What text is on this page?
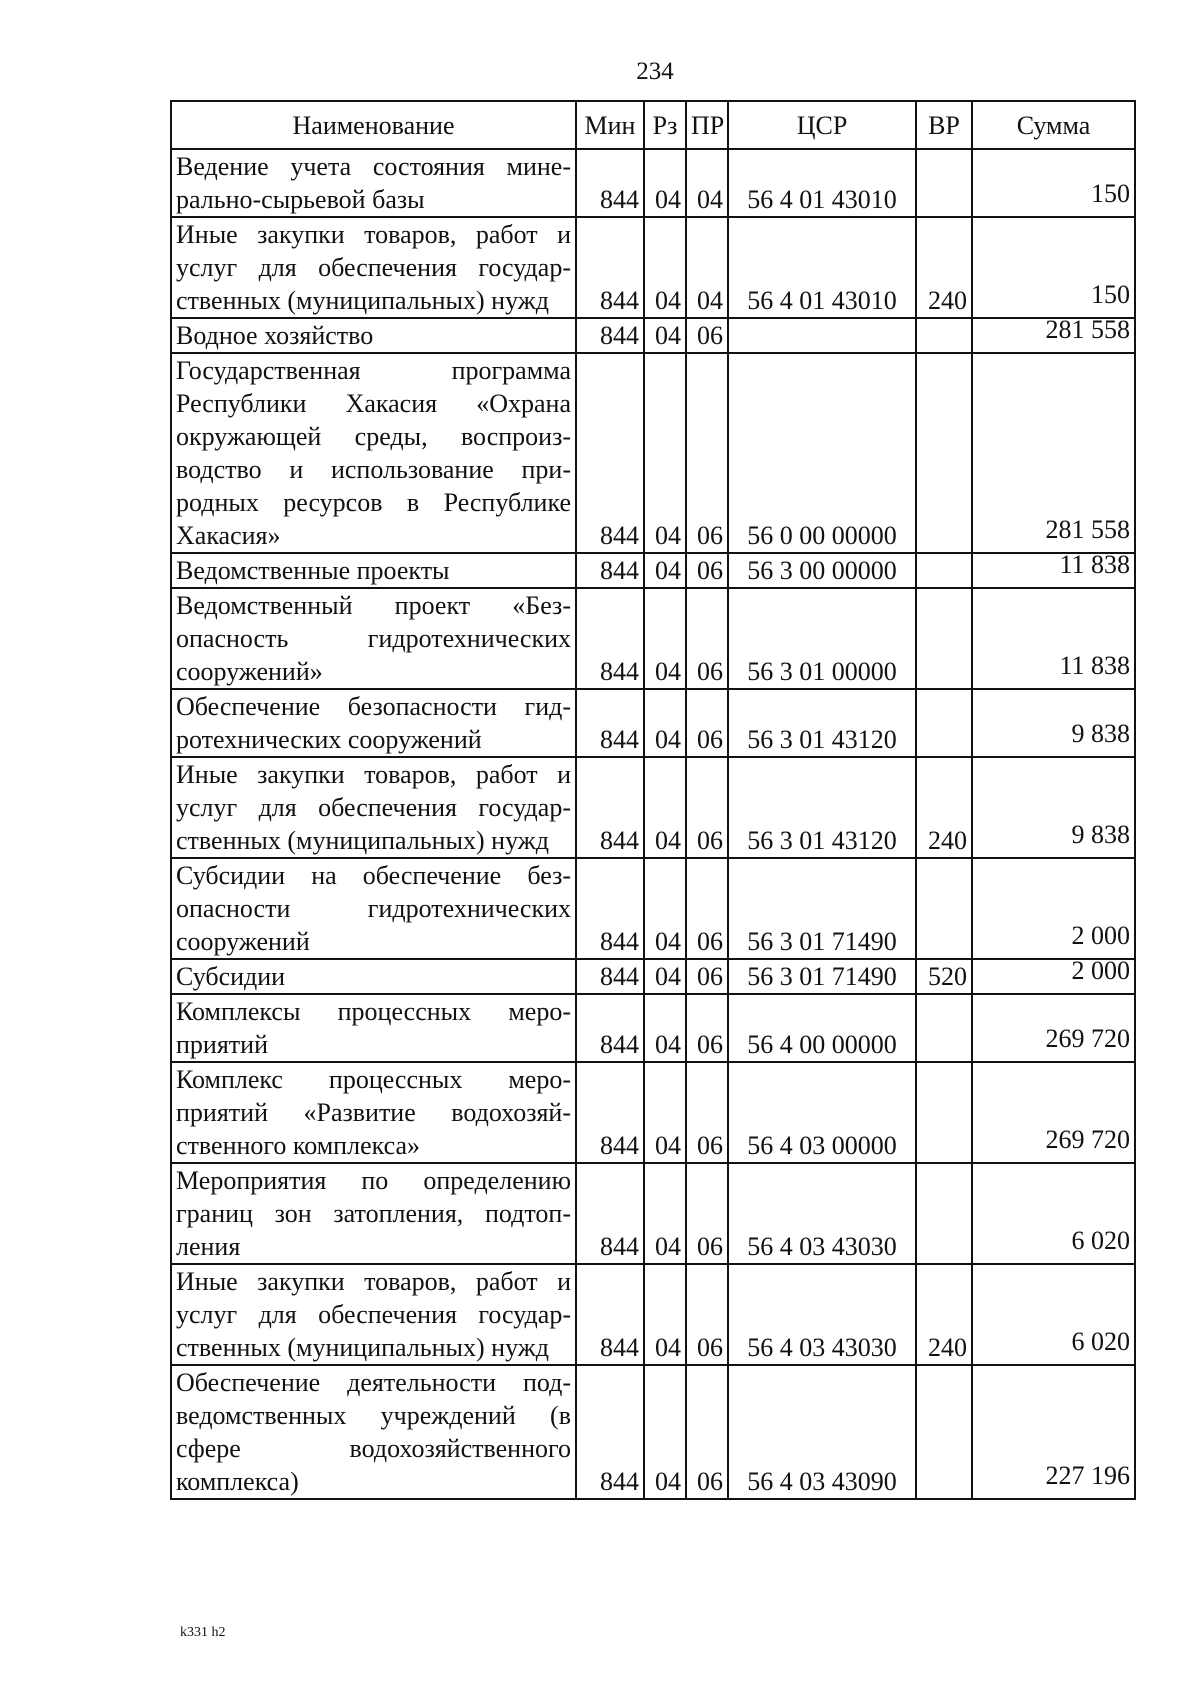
234
Наименование	Мин	Рз	ПР	ЦСР	ВР	Сумма
Ведение учета состояния мине-рально-сырьевой базы	844	04	04	56 4 01 43010		150
Иные закупки товаров, работ и услуг для обеспечения государ-ственных (муниципальных) нужд	844	04	04	56 4 01 43010	240	150
Водное хозяйство	844	04	06			281 558
Государственная программа Республики Хакасия «Охрана окружающей среды, воспроиз-водство и использование при-родных ресурсов в Республике Хакасия»	844	04	06	56 0 00 00000		281 558
Ведомственные проекты	844	04	06	56 3 00 00000		11 838
Ведомственный проект «Без-опасность гидротехнических сооружений»	844	04	06	56 3 01 00000		11 838
Обеспечение безопасности гид-ротехнических сооружений	844	04	06	56 3 01 43120		9 838
Иные закупки товаров, работ и услуг для обеспечения государ-ственных (муниципальных) нужд	844	04	06	56 3 01 43120	240	9 838
Субсидии на обеспечение без-опасности гидротехнических сооружений	844	04	06	56 3 01 71490		2 000
Субсидии	844	04	06	56 3 01 71490	520	2 000
Комплексы процессных меро-приятий	844	04	06	56 4 00 00000		269 720
Комплекс процессных меро-приятий «Развитие водохозяй-ственного комплекса»	844	04	06	56 4 03 00000		269 720
Мероприятия по определению границ зон затопления, подтоп-ления	844	04	06	56 4 03 43030		6 020
Иные закупки товаров, работ и услуг для обеспечения государ-ственных (муниципальных) нужд	844	04	06	56 4 03 43030	240	6 020
Обеспечение деятельности под-ведомственных учреждений (в сфере водохозяйственного комплекса)	844	04	06	56 4 03 43090		227 196
k331 h2
